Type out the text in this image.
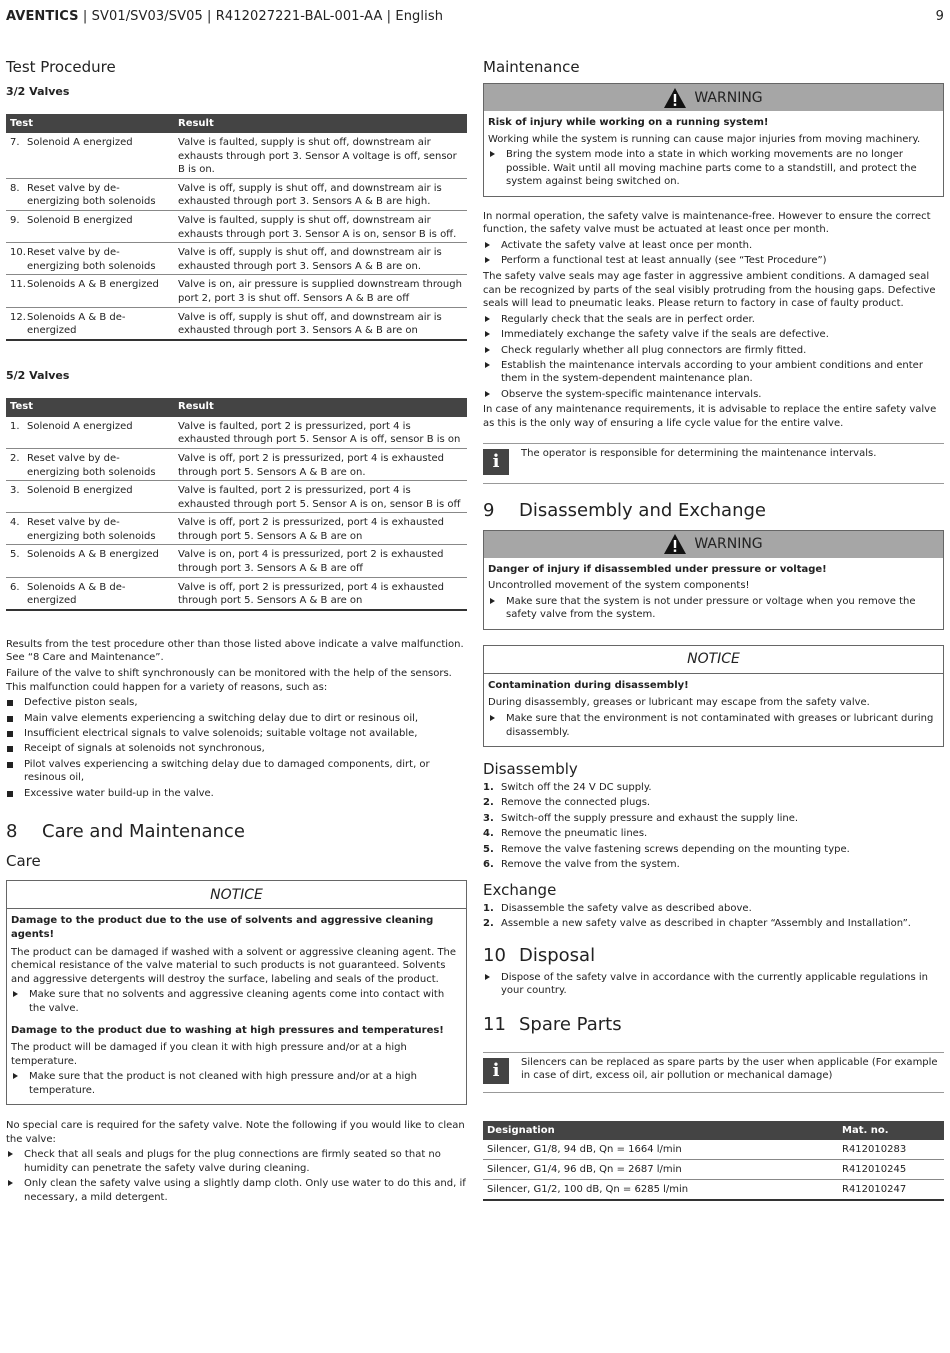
AVENTICS | SV01/SV03/SV05 | R412027221-BAL-001-AA | English	9
Test Procedure
3/2 Valves
Test	Result
7. Solenoid A energized	Valve is faulted, supply is shut off, downstream air exhausts through port 3. Sensor A voltage is off, sensor B is on.
8. Reset valve by de-energizing both solenoids	Valve is off, supply is shut off, and downstream air is exhausted through port 3. Sensors A & B are high.
9. Solenoid B energized	Valve is faulted, supply is shut off, downstream air exhausts through port 3. Sensor A is on, sensor B is off.
10.Reset valve by de-energizing both solenoids	Valve is off, supply is shut off, and downstream air is exhausted through port 3. Sensors A & B are on.
11.Solenoids A & B energized	Valve is on, air pressure is supplied downstream through port 2, port 3 is shut off. Sensors A & B are off
12.Solenoids A & B de-energized	Valve is off, supply is shut off, and downstream air is exhausted through port 3. Sensors A & B are on
5/2 Valves
Test	Result
1. Solenoid A energized	Valve is faulted, port 2 is pressurized, port 4 is exhausted through port 5. Sensor A is off, sensor B is on
2. Reset valve by de-energizing both solenoids	Valve is off, port 2 is pressurized, port 4 is exhausted through port 5. Sensors A & B are on.
3. Solenoid B energized	Valve is faulted, port 2 is pressurized, port 4 is exhausted through port 5. Sensor A is on, sensor B is off
4. Reset valve by de-energizing both solenoids	Valve is off, port 2 is pressurized, port 4 is exhausted through port 5. Sensors A & B are on
5. Solenoids A & B energized	Valve is on, port 4 is pressurized, port 2 is exhausted through port 3. Sensors A & B are off
6. Solenoids A & B de-energized	Valve is off, port 2 is pressurized, port 4 is exhausted through port 5. Sensors A & B are on

Results from the test procedure other than those listed above indicate a valve malfunction. See “8 Care and Maintenance”.

Failure of the valve to shift synchronously can be monitored with the help of the sensors. This malfunction could happen for a variety of reasons, such as:

Defective piston seals,
Main valve elements experiencing a switching delay due to dirt or resinous oil,
Insufficient electrical signals to valve solenoids; suitable voltage not available,
Receipt of signals at solenoids not synchronous,
Pilot valves experiencing a switching delay due to damaged components, dirt, or resinous oil,
Excessive water build-up in the valve.
8 Care and Maintenance
Care
NOTICE
Damage to the product due to the use of solvents and aggressive cleaning agents!

The product can be damaged if washed with a solvent or aggressive cleaning agent. The chemical resistance of the valve material to such products is not guaranteed. Solvents and aggressive detergents will destroy the surface, labeling and seals of the product.

Make sure that no solvents and aggressive cleaning agents come into contact with the valve.
Damage to the product due to washing at high pressures and temperatures!

The product will be damaged if you clean it with high pressure and/or at a high temperature.

Make sure that the product is not cleaned with high pressure and/or at a high temperature.

No special care is required for the safety valve. Note the following if you would like to clean the valve:

Check that all seals and plugs for the plug connections are firmly seated so that no humidity can penetrate the safety valve during cleaning.
Only clean the safety valve using a slightly damp cloth. Only use water to do this and, if necessary, a mild detergent.
Maintenance
WARNING
Risk of injury while working on a running system!

Working while the system is running can cause major injuries from moving machinery.

Bring the system mode into a state in which working movements are no longer possible. Wait until all moving machine parts come to a standstill, and protect the system against being switched on.

In normal operation, the safety valve is maintenance-free. However to ensure the correct function, the safety valve must be actuated at least once per month.

Activate the safety valve at least once per month.
Perform a functional test at least annually (see “Test Procedure”)

The safety valve seals may age faster in aggressive ambient conditions. A damaged seal can be recognized by parts of the seal visibly protruding from the housing gaps. Defective seals will lead to pneumatic leaks. Please return to factory in case of faulty product.

Regularly check that the seals are in perfect order.
Immediately exchange the safety valve if the seals are defective.
Check regularly whether all plug connectors are firmly fitted.
Establish the maintenance intervals according to your ambient conditions and enter them in the system-dependent maintenance plan.
Observe the system-specific maintenance intervals.

In case of any maintenance requirements, it is advisable to replace the entire safety valve as this is the only way of ensuring a life cycle value for the entire valve.

i	The operator is responsible for determining the maintenance intervals.

9 Disassembly and Exchange
WARNING
Danger of injury if disassembled under pressure or voltage!

Uncontrolled movement of the system components!

Make sure that the system is not under pressure or voltage when you remove the safety valve from the system.
NOTICE
Contamination during disassembly!

During disassembly, greases or lubricant may escape from the safety valve.

Make sure that the environment is not contaminated with greases or lubricant during disassembly.
Disassembly
1. Switch off the 24 V DC supply.
2. Remove the connected plugs.
3. Switch-off the supply pressure and exhaust the supply line.
4. Remove the pneumatic lines.
5. Remove the valve fastening screws depending on the mounting type.
6. Remove the valve from the system.
Exchange
1. Disassemble the safety valve as described above.
2. Assemble a new safety valve as described in chapter “Assembly and Installation”.
10 Disposal
Dispose of the safety valve in accordance with the currently applicable regulations in your country.
11 Spare Parts
i	Silencers can be replaced as spare parts by the user when applicable (For example in case of dirt, excess oil, air pollution or mechanical damage)

Designation	Mat. no.
Silencer, G1/8, 94 dB, Qn = 1664 l/min	R412010283
Silencer, G1/4, 96 dB, Qn = 2687 l/min	R412010245
Silencer, G1/2, 100 dB, Qn = 6285 l/min	R412010247
